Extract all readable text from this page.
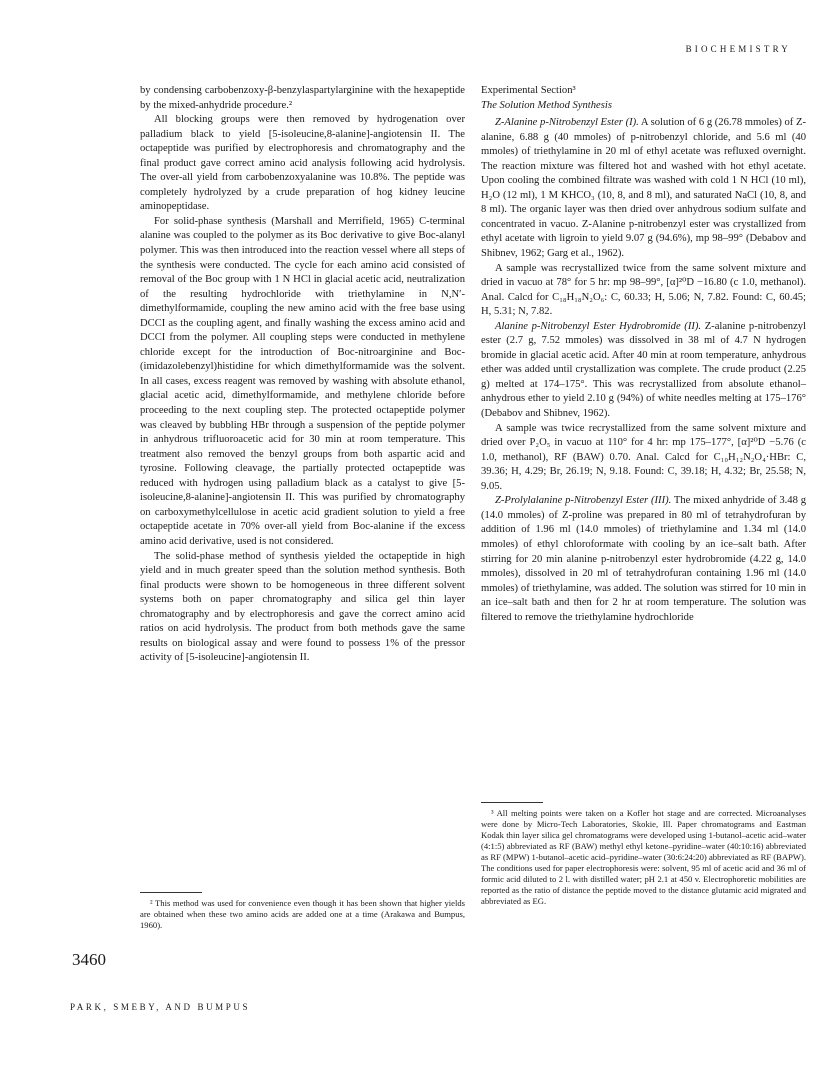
BIOCHEMISTRY

by condensing carbobenzoxy-β-benzylaspartylarginine with the hexapeptide by the mixed-anhydride procedure.²

All blocking groups were then removed by hydrogenation over palladium black to yield [5-isoleucine,8-alanine]-angiotensin II. The octapeptide was purified by electrophoresis and chromatography and the final product gave correct amino acid analysis following acid hydrolysis. The over-all yield from carbobenzoxyalanine was 10.8%. The peptide was completely hydrolyzed by a crude preparation of hog kidney leucine aminopeptidase.

For solid-phase synthesis (Marshall and Merrifield, 1965) C-terminal alanine was coupled to the polymer as its Boc derivative to give Boc-alanyl polymer. This was then introduced into the reaction vessel where all steps of the synthesis were conducted. The cycle for each amino acid consisted of removal of the Boc group with 1 N HCl in glacial acetic acid, neutralization of the resulting hydrochloride with triethylamine in N,N′-dimethylformamide, coupling the new amino acid with the free base using DCCI as the coupling agent, and finally washing the excess amino acid and DCCI from the polymer. All coupling steps were conducted in methylene chloride except for the introduction of Boc-nitroarginine and Boc-(imidazolebenzyl)histidine for which dimethylformamide was the solvent. In all cases, excess reagent was removed by washing with absolute ethanol, glacial acetic acid, dimethylformamide, and methylene chloride before proceeding to the next coupling step. The protected octapeptide polymer was cleaved by bubbling HBr through a suspension of the peptide polymer in anhydrous trifluoroacetic acid for 30 min at room temperature. This treatment also removed the benzyl groups from both aspartic acid and tyrosine. Following cleavage, the partially protected octapeptide was reduced with hydrogen using palladium black as a catalyst to give [5-isoleucine,8-alanine]-angiotensin II. This was purified by chromatography on carboxymethylcellulose in acetic acid gradient solution to yield a free octapeptide acetate in 70% over-all yield from Boc-alanine if the excess amino acid derivative, used is not considered.

The solid-phase method of synthesis yielded the octapeptide in high yield and in much greater speed than the solution method synthesis. Both final products were shown to be homogeneous in three different solvent systems both on paper chromatography and silica gel thin layer chromatography and by electrophoresis and gave the correct amino acid ratios on acid hydrolysis. The product from both methods gave the same results on biological assay and were found to possess 1% of the pressor activity of [5-isoleucine]-angiotensin II.

Experimental Section³

The Solution Method Synthesis

Z-Alanine p-Nitrobenzyl Ester (I). A solution of 6 g (26.78 mmoles) of Z-alanine, 6.88 g (40 mmoles) of p-nitrobenzyl chloride, and 5.6 ml (40 mmoles) of triethylamine in 20 ml of ethyl acetate was refluxed overnight. The reaction mixture was filtered hot and washed with hot ethyl acetate. Upon cooling the combined filtrate was washed with cold 1 N HCl (10 ml), H₂O (12 ml), 1 M KHCO₃ (10, 8, and 8 ml), and saturated NaCl (10, 8, and 8 ml). The organic layer was then dried over anhydrous sodium sulfate and concentrated in vacuo. Z-Alanine p-nitrobenzyl ester was crystallized from ethyl acetate with ligroin to yield 9.07 g (94.6%), mp 98–99° (Debabov and Shibnev, 1962; Garg et al., 1962).

A sample was recrystallized twice from the same solvent mixture and dried in vacuo at 78° for 5 hr: mp 98–99°, [α]²⁰D −16.80 (c 1.0, methanol). Anal. Calcd for C₁₈H₁₈N₂O₆: C, 60.33; H, 5.06; N, 7.82. Found: C, 60.45; H, 5.31; N, 7.82.

Alanine p-Nitrobenzyl Ester Hydrobromide (II). Z-alanine p-nitrobenzyl ester (2.7 g, 7.52 mmoles) was dissolved in 38 ml of 4.7 N hydrogen bromide in glacial acetic acid. After 40 min at room temperature, anhydrous ether was added until crystallization was complete. The crude product (2.25 g) melted at 174–175°. This was recrystallized from absolute ethanol–anhydrous ether to yield 2.10 g (94%) of white needles melting at 175–176° (Debabov and Shibnev, 1962).

A sample was twice recrystallized from the same solvent mixture and dried over P₂O₅ in vacuo at 110° for 4 hr: mp 175–177°, [α]²⁰D −5.76 (c 1.0, methanol), RF (BAW) 0.70. Anal. Calcd for C₁₀H₁₂N₂O₄·HBr: C, 39.36; H, 4.29; Br, 26.19; N, 9.18. Found: C, 39.18; H, 4.32; Br, 25.58; N, 9.05.

Z-Prolylalanine p-Nitrobenzyl Ester (III). The mixed anhydride of 3.48 g (14.0 mmoles) of Z-proline was prepared in 80 ml of tetrahydrofuran by addition of 1.96 ml (14.0 mmoles) of triethylamine and 1.34 ml (14.0 mmoles) of ethyl chloroformate with cooling by an ice–salt bath. After stirring for 20 min alanine p-nitrobenzyl ester hydrobromide (4.22 g, 14.0 mmoles), dissolved in 20 ml of tetrahydrofuran containing 1.96 ml (14.0 mmoles) of triethylamine, was added. The solution was stirred for 10 min in an ice–salt bath and then for 2 hr at room temperature. The solution was filtered to remove the triethylamine hydrochloride

² This method was used for convenience even though it has been shown that higher yields are obtained when these two amino acids are added one at a time (Arakawa and Bumpus, 1960).

³ All melting points were taken on a Kofler hot stage and are corrected. Microanalyses were done by Micro-Tech Laboratories, Skokie, Ill. Paper chromatograms and Eastman Kodak thin layer silica gel chromatograms were developed using 1-butanol–acetic acid–water (4:1:5) abbreviated as RF (BAW) methyl ethyl ketone–pyridine–water (40:10:16) abbreviated as RF (MPW) 1-butanol–acetic acid–pyridine–water (30:6:24:20) abbreviated as RF (BAPW). The conditions used for paper electrophoresis were: solvent, 95 ml of acetic acid and 36 ml of formic acid diluted to 2 l. with distilled water; pH 2.1 at 450 v. Electrophoretic mobilities are reported as the ratio of distance the peptide moved to the distance glutamic acid migrated and abbreviated as EG.

3460
PARK, SMEBY, AND BUMPUS
